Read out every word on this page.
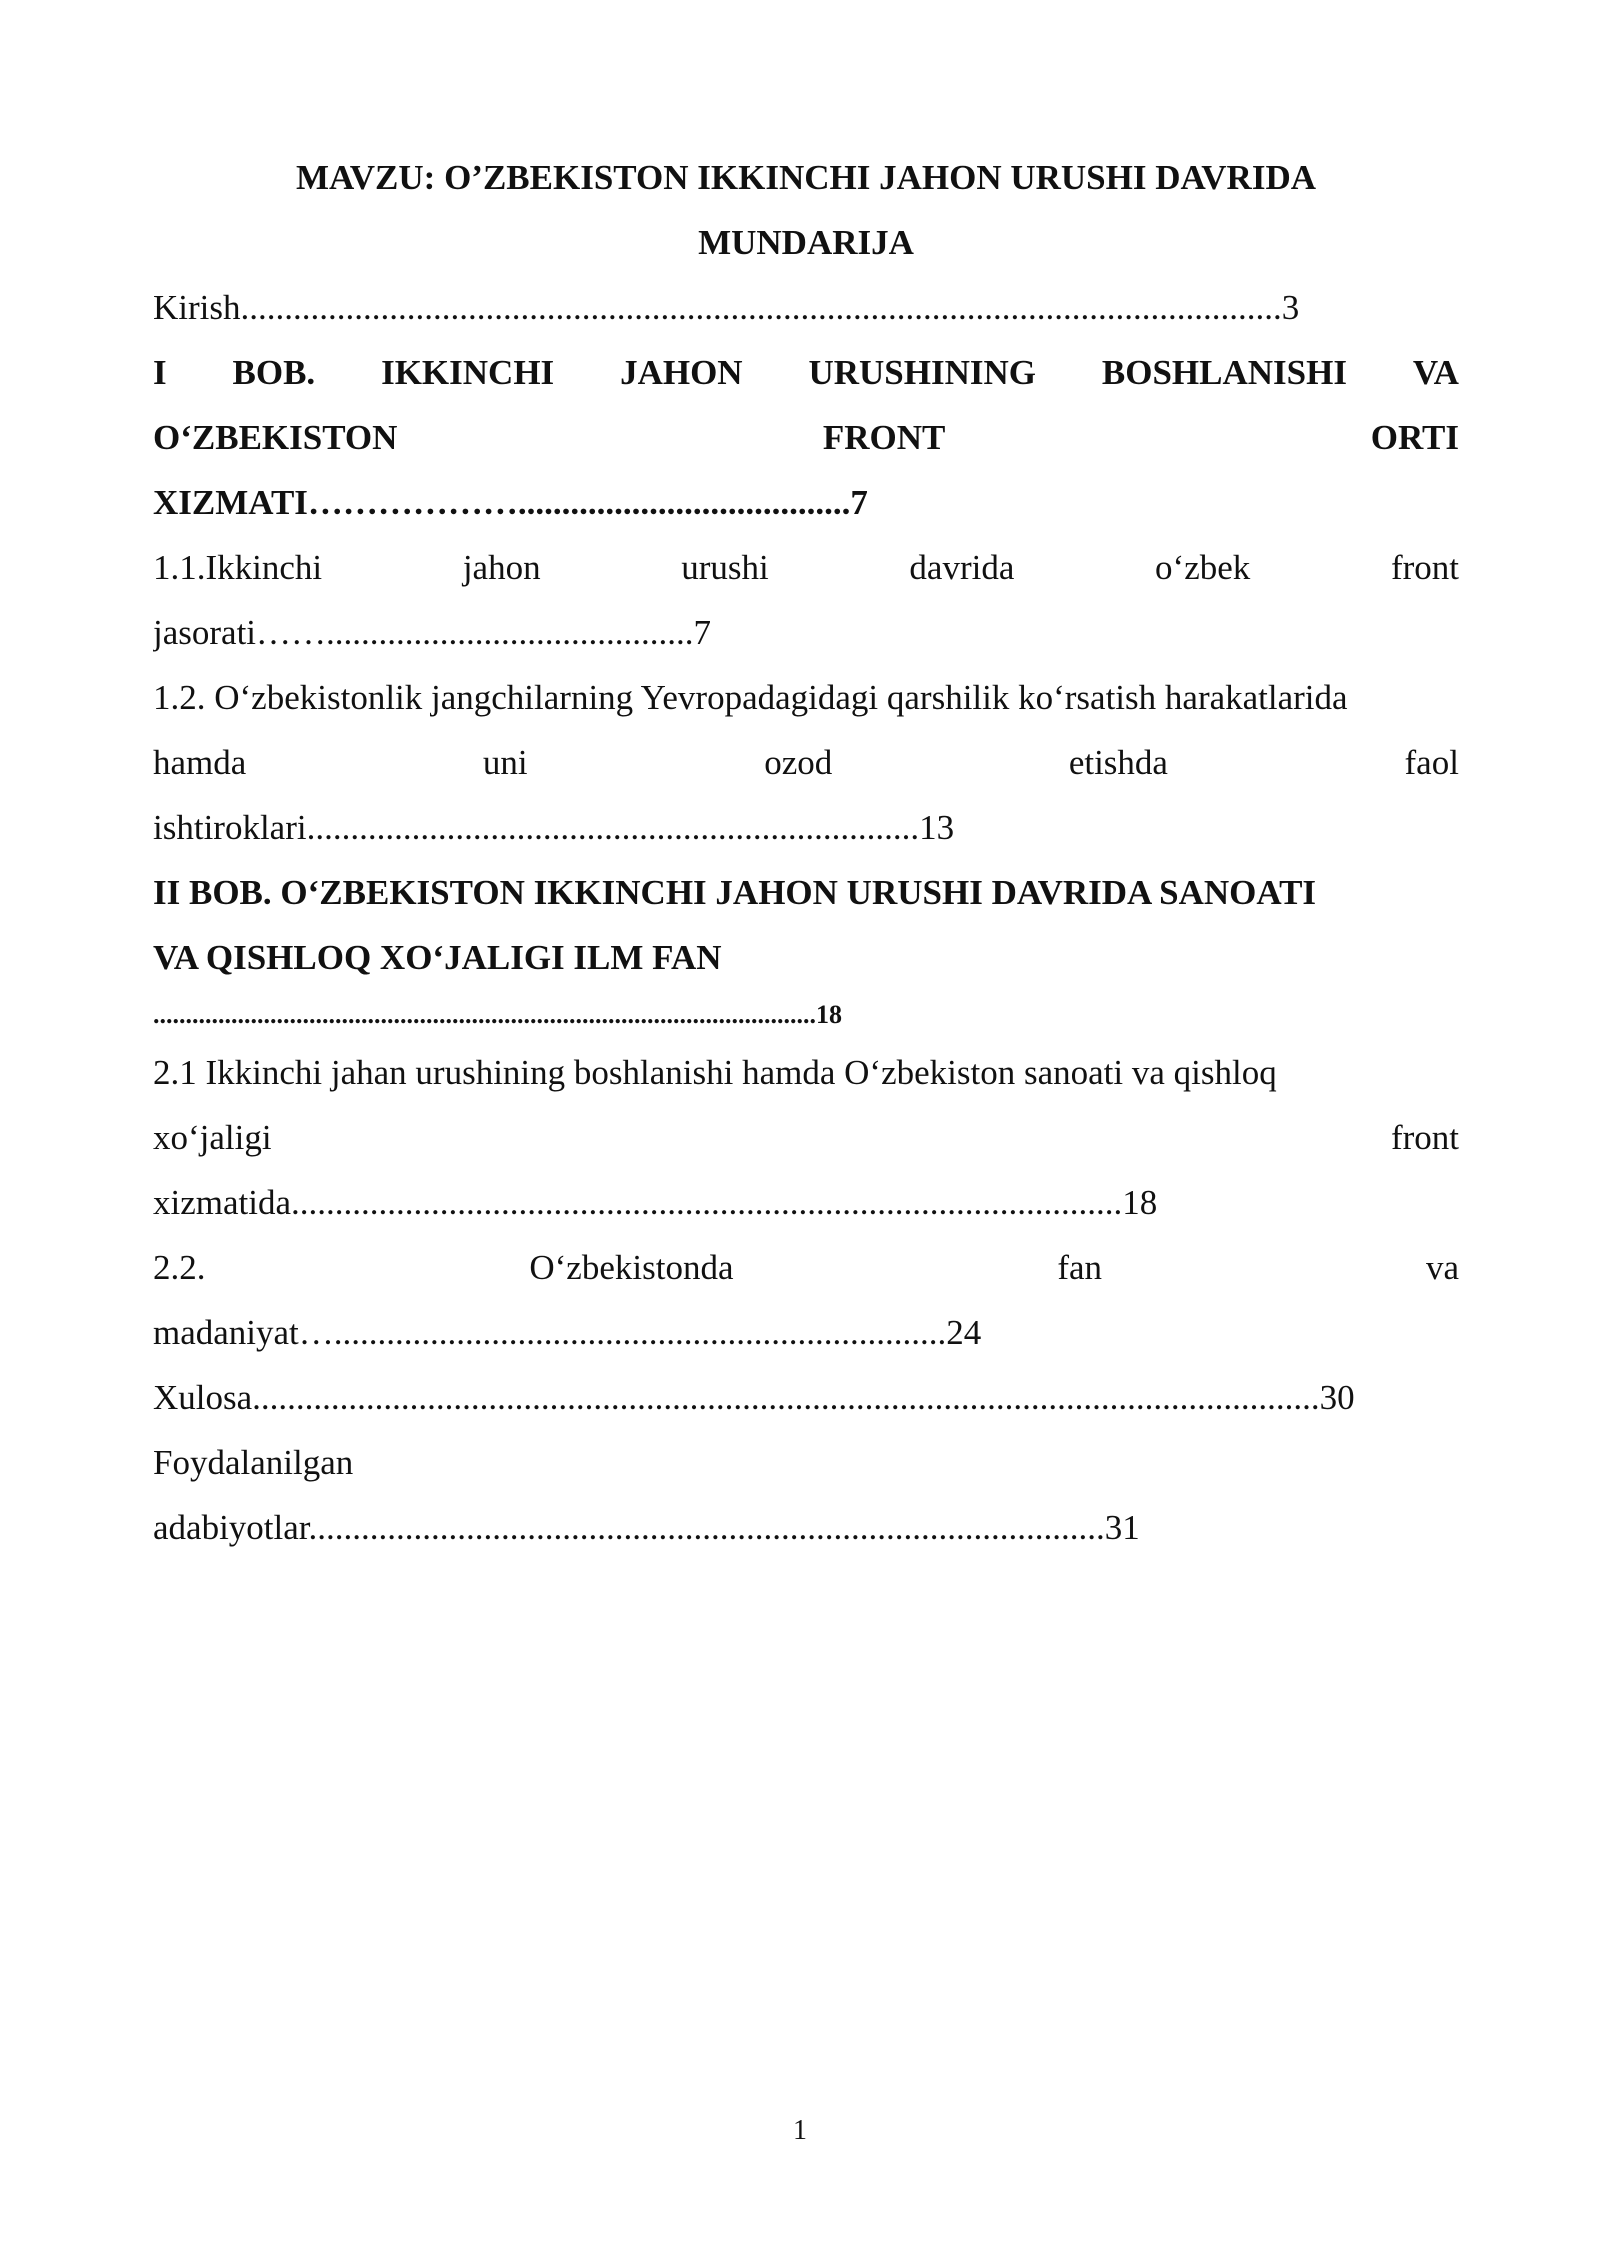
MAVZU: O’ZBEKISTON IKKINCHI JAHON URUSHI DAVRIDA
MUNDARIJA
Kirish.......................................................................................................................3
I BOB. IKKINCHI JAHON URUSHINING BOSHLANISHI VA
O‘ZBEKISTON	FRONT	ORTI
XIZMATI………………......................................7
1.1.Ikkinchi	jahon	urushi	davrida	o‘zbek	front
jasorati……..........................................7
1.2. O‘zbekistonlik jangchilarning Yevropadagidagi qarshilik ko‘rsatish harakatlarida
hamda	uni	ozod	etishda	faol
ishtiroklari......................................................................13
II BOB. O‘ZBEKISTON IKKINCHI JAHON URUSHI DAVRIDA SANOATI
VA QISHLOQ XO‘JALIGI ILM FAN
......................................................................................................18
2.1 Ikkinchi jahan urushining boshlanishi hamda O‘zbekiston sanoati va qishloq
xo‘jaligi	front
xizmatida...............................................................................................18
2.2.	O‘zbekistonda	fan	va
madaniyat…......................................................................24
Xulosa..........................................................................................................................30
Foydalanilgan
adabiyotlar...........................................................................................31
1
